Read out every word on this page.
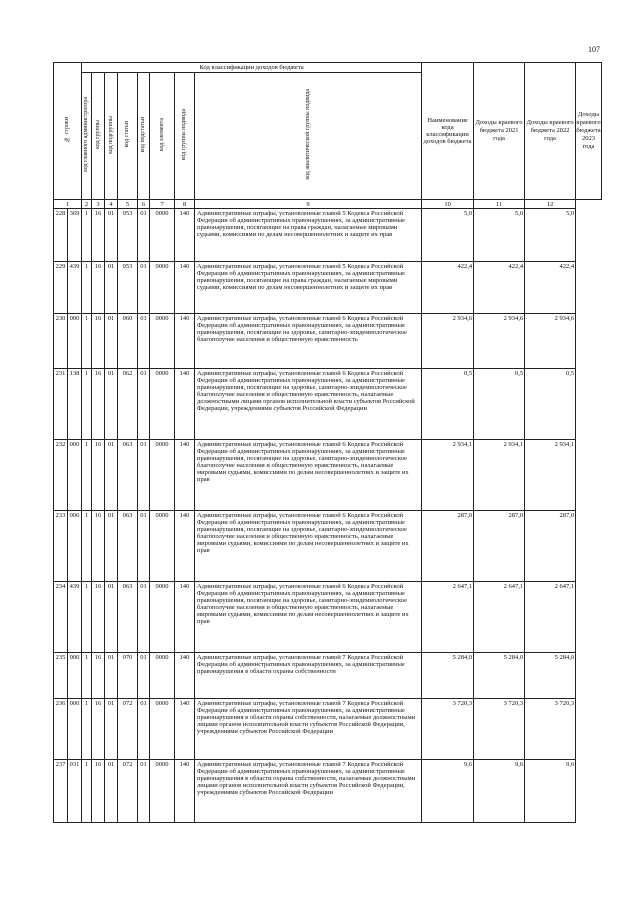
107
№ строки		Код классификации доходов бюджета								Наименование кода классификации доходов бюджета	Доходы краевого бюджета 2021 года	Доходы краевого бюджета 2022 года	Доходы краевого бюджета 2023 года
		код главного администратора	код группы	код подгруппы	код статьи	код подстатьи	код элемента	код группы подвида	код аналитической группы подвида				
1		2	3	4	5	6	7	8	9	10	11	12	
228	369	1	16	01	053	01	0000	140	Административные штрафы, установленные главой 5 Кодекса Российской Федерации об административных правонарушениях, за административные правонарушения, посягающие на права граждан, налагаемые мировыми судьями, комиссиями по делам несовершеннолетних и защите их прав	5,0	5,0	5,0	
229	439	1	16	01	053	01	0000	140	Административные штрафы, установленные главой 5 Кодекса Российской Федерации об административных правонарушениях, за административные правонарушения, посягающие на права граждан, налагаемые мировыми судьями, комиссиями по делам несовершеннолетних и защите их прав	422,4	422,4	422,4	
230	000	1	16	01	060	01	0000	140	Административные штрафы, установленные главой 6 Кодекса Российской Федерации об административных правонарушениях, за административные правонарушения, посягающие на здоровье, санитарно-эпидемиологическое благополучие населения и общественную нравственность	2 934,6	2 934,6	2 934,6	
231	138	1	16	01	062	01	0000	140	Административные штрафы, установленные главой 6 Кодекса Российской Федерации об административных правонарушениях, за административные правонарушения, посягающие на здоровье, санитарно-эпидемиологическое благополучие населения и общественную нравственность, налагаемые должностными лицами органов исполнительной власти субъектов Российской Федерации, учреждениями субъектов Российской Федерации	0,5	0,5	0,5	
232	000	1	16	01	063	01	0000	140	Административные штрафы, установленные главой 6 Кодекса Российской Федерации об административных правонарушениях, за административные правонарушения, посягающие на здоровье, санитарно-эпидемиологическое благополучие населения и общественную нравственность, налагаемые мировыми судьями, комиссиями по делам несовершеннолетних и защите их прав	2 934,1	2 934,1	2 934,1	
233	006	1	16	01	063	01	0000	140	Административные штрафы, установленные главой 6 Кодекса Российской Федерации об административных правонарушениях, за административные правонарушения, посягающие на здоровье, санитарно-эпидемиологическое благополучие населения и общественную нравственность, налагаемые мировыми судьями, комиссиями по делам несовершеннолетних и защите их прав	287,0	287,0	287,0	
234	439	1	16	01	063	01	0000	140	Административные штрафы, установленные главой 6 Кодекса Российской Федерации об административных правонарушениях, за административные правонарушения, посягающие на здоровье, санитарно-эпидемиологическое благополучие населения и общественную нравственность, налагаемые мировыми судьями, комиссиями по делам несовершеннолетних и защите их прав	2 647,1	2 647,1	2 647,1	
235	000	1	16	01	070	01	0000	140	Административные штрафы, установленные главой 7 Кодекса Российской Федерации об административных правонарушениях, за административные правонарушения в области охраны собственности	5 284,0	5 284,0	5 284,0	
236	000	1	16	01	072	01	0000	140	Административные штрафы, установленные главой 7 Кодекса Российской Федерации об административных правонарушениях, за административные правонарушения в области охраны собственности, налагаемые должностными лицами органов исполнительной власти субъектов Российской Федерации, учреждениями субъектов Российской Федерации	3 720,3	3 720,3	3 720,3	
237	031	1	16	01	072	01	0000	140	Административные штрафы, установленные главой 7 Кодекса Российской Федерации об административных правонарушениях, за административные правонарушения в области охраны собственности, налагаемые должностными лицами органов исполнительной власти субъектов Российской Федерации, учреждениями субъектов Российской Федерации	9,6	9,6	9,6	
